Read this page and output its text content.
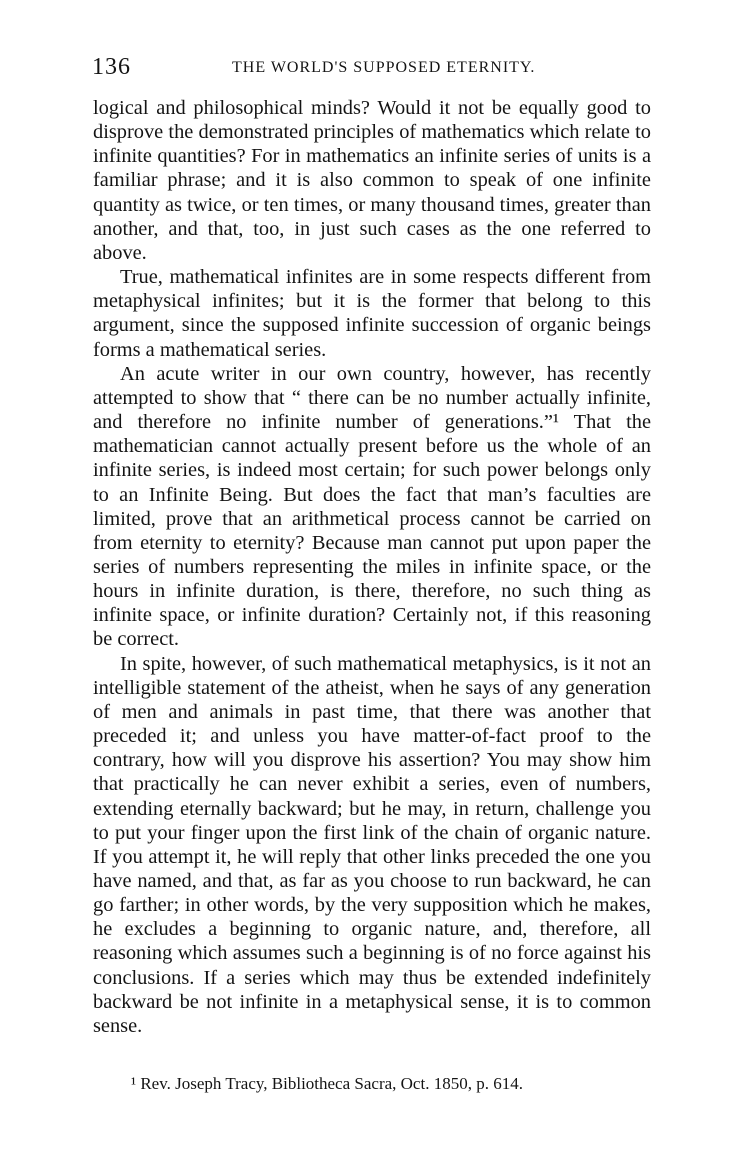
136	THE WORLD'S SUPPOSED ETERNITY.

logical and philosophical minds? Would it not be equally good to disprove the demonstrated principles of mathematics which relate to infinite quantities? For in mathematics an infinite series of units is a familiar phrase; and it is also common to speak of one infinite quantity as twice, or ten times, or many thousand times, greater than another, and that, too, in just such cases as the one referred to above.

True, mathematical infinites are in some respects different from metaphysical infinites; but it is the former that belong to this argument, since the supposed infinite succession of organic beings forms a mathematical series.

An acute writer in our own country, however, has recently attempted to show that “ there can be no number actually infinite, and therefore no infinite number of generations.”¹ That the mathematician cannot actually present before us the whole of an infinite series, is indeed most certain; for such power belongs only to an Infinite Being. But does the fact that man’s faculties are limited, prove that an arithmetical process cannot be carried on from eternity to eternity? Because man cannot put upon paper the series of numbers representing the miles in infinite space, or the hours in infinite duration, is there, therefore, no such thing as infinite space, or infinite duration? Certainly not, if this reasoning be correct.

In spite, however, of such mathematical metaphysics, is it not an intelligible statement of the atheist, when he says of any generation of men and animals in past time, that there was another that preceded it; and unless you have matter-of-fact proof to the contrary, how will you disprove his assertion? You may show him that practically he can never exhibit a series, even of numbers, extending eternally backward; but he may, in return, challenge you to put your finger upon the first link of the chain of organic nature. If you attempt it, he will reply that other links preceded the one you have named, and that, as far as you choose to run backward, he can go farther; in other words, by the very supposition which he makes, he excludes a beginning to organic nature, and, therefore, all reasoning which assumes such a beginning is of no force against his conclusions. If a series which may thus be extended indefinitely backward be not infinite in a metaphysical sense, it is to common sense.

¹ Rev. Joseph Tracy, Bibliotheca Sacra, Oct. 1850, p. 614.
